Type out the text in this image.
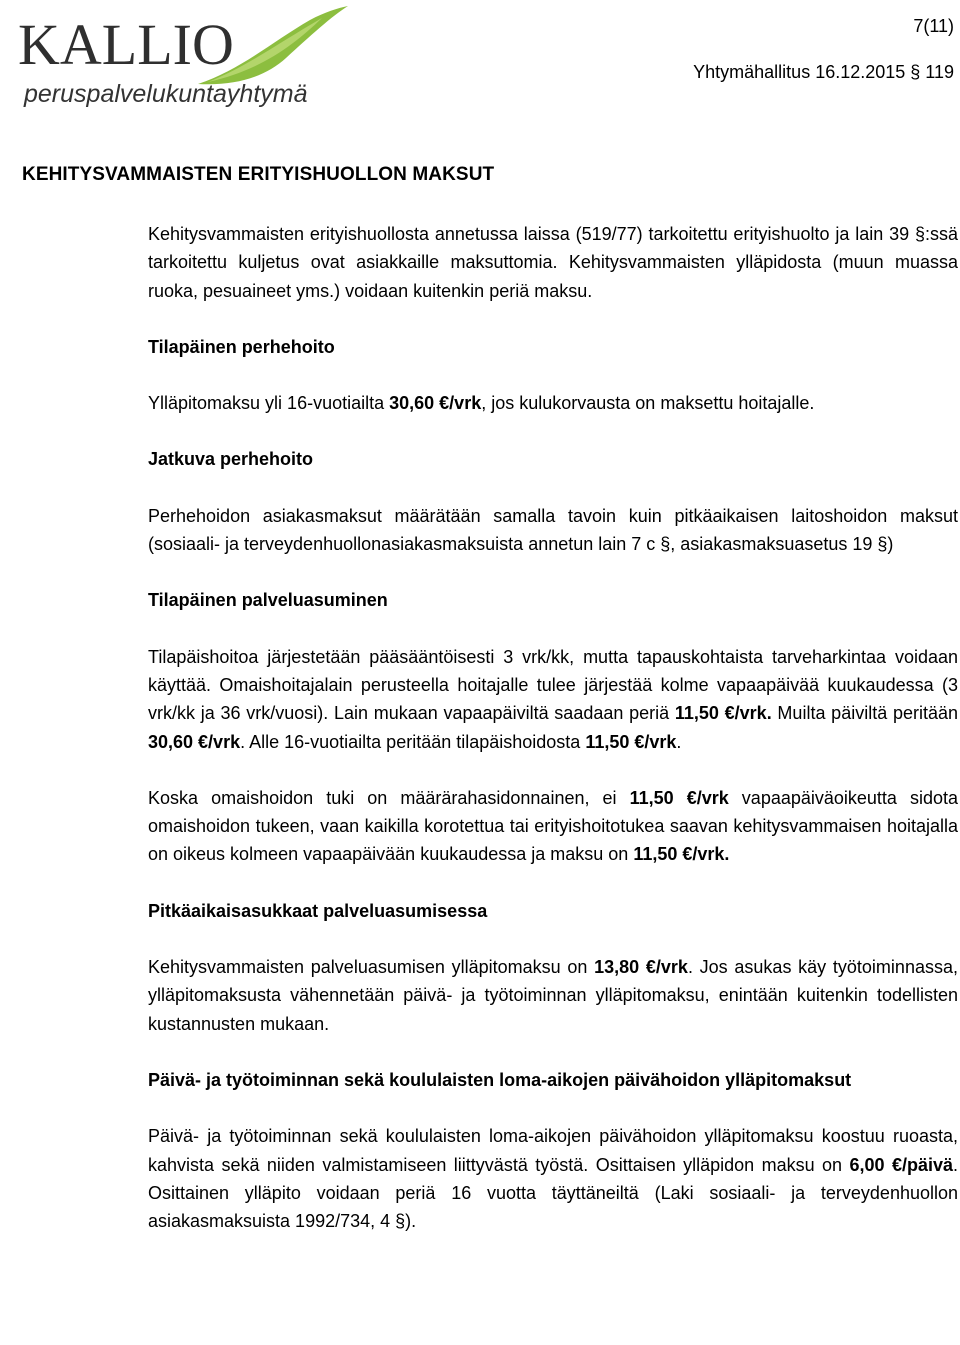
KALLIO
peruspalvelukuntayhtymä
7(11)
Yhtymähallitus 16.12.2015 § 119
KEHITYSVAMMAISTEN ERITYISHUOLLON MAKSUT

Kehitysvammaisten erityishuollosta annetussa laissa (519/77) tarkoitettu erityishuolto ja lain 39 §:ssä tarkoitettu kuljetus ovat asiakkaille maksuttomia. Kehitysvammaisten ylläpidosta (muun muassa ruoka, pesuaineet yms.) voidaan kuitenkin periä maksu.

Tilapäinen perhehoito

Ylläpitomaksu yli 16-vuotiailta 30,60 €/vrk, jos kulukorvausta on maksettu hoitajalle.

Jatkuva perhehoito

Perhehoidon asiakasmaksut määrätään samalla tavoin kuin pitkäaikaisen laitoshoidon maksut (sosiaali- ja terveydenhuollonasiakasmaksuista annetun lain 7 c §, asiakasmaksuasetus 19 §)

Tilapäinen palveluasuminen

Tilapäishoitoa järjestetään pääsääntöisesti 3 vrk/kk, mutta tapauskohtaista tarveharkintaa voidaan käyttää. Omaishoitajalain perusteella hoitajalle tulee järjestää kolme vapaapäivää kuukaudessa (3 vrk/kk ja 36 vrk/vuosi). Lain mukaan vapaapäiviltä saadaan periä 11,50 €/vrk. Muilta päiviltä peritään 30,60 €/vrk. Alle 16-vuotiailta peritään tilapäishoidosta 11,50 €/vrk.

Koska omaishoidon tuki on määrärahasidonnainen, ei 11,50 €/vrk vapaapäiväoikeutta sidota omaishoidon tukeen, vaan kaikilla korotettua tai erityishoitotukea saavan kehitysvammaisen hoitajalla on oikeus kolmeen vapaapäivään kuukaudessa ja maksu on 11,50 €/vrk.

Pitkäaikaisasukkaat palveluasumisessa

Kehitysvammaisten palveluasumisen ylläpitomaksu on 13,80 €/vrk. Jos asukas käy työtoiminnassa, ylläpitomaksusta vähennetään päivä- ja työtoiminnan ylläpitomaksu, enintään kuitenkin todellisten kustannusten mukaan.

Päivä- ja työtoiminnan sekä koululaisten loma-aikojen päivähoidon ylläpitomaksut

Päivä- ja työtoiminnan sekä koululaisten loma-aikojen päivähoidon ylläpitomaksu koostuu ruoasta, kahvista sekä niiden valmistamiseen liittyvästä työstä. Osittaisen ylläpidon maksu on 6,00 €/päivä. Osittainen ylläpito voidaan periä 16 vuotta täyttäneiltä (Laki sosiaali- ja terveydenhuollon asiakasmaksuista 1992/734, 4 §).
